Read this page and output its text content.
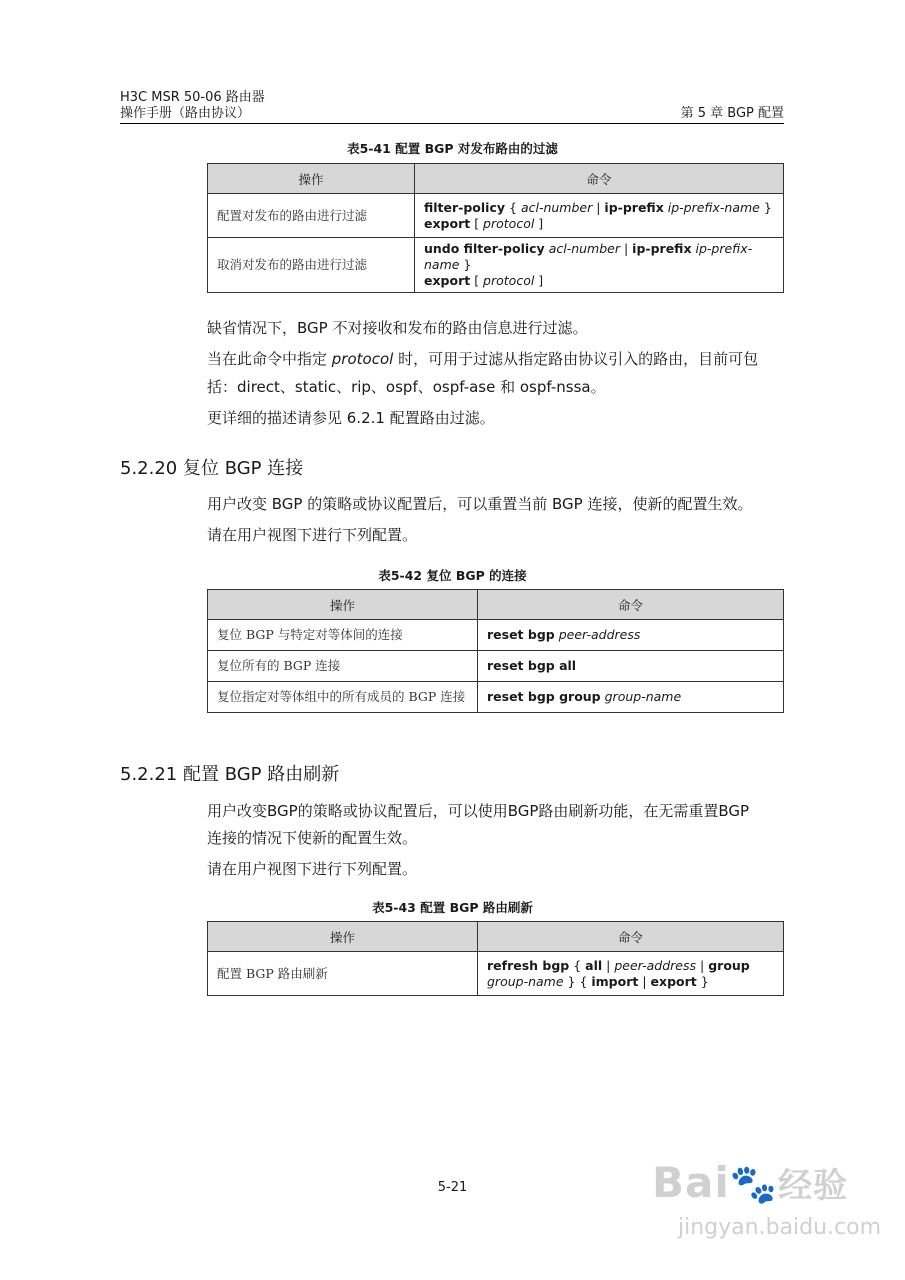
H3C MSR 50-06 路由器
操作手册（路由协议）	第 5 章 BGP 配置
表5-41 配置 BGP 对发布路由的过滤
操作	命令
配置对发布的路由进行过滤	filter-policy { acl-number | ip-prefix ip-prefix-name }
export [ protocol ]
取消对发布的路由进行过滤	undo filter-policy acl-number | ip-prefix ip-prefix-name }
export [ protocol ]
缺省情况下，BGP 不对接收和发布的路由信息进行过滤。
当在此命令中指定 protocol 时，可用于过滤从指定路由协议引入的路由，目前可包
括：direct、static、rip、ospf、ospf-ase 和 ospf-nssa。
更详细的描述请参见 6.2.1 配置路由过滤。
5.2.20 复位 BGP 连接
用户改变 BGP 的策略或协议配置后，可以重置当前 BGP 连接，使新的配置生效。
请在用户视图下进行下列配置。
表5-42 复位 BGP 的连接
操作	命令
复位 BGP 与特定对等体间的连接	reset bgp peer-address
复位所有的 BGP 连接	reset bgp all
复位指定对等体组中的所有成员的 BGP 连接	reset bgp group group-name
5.2.21 配置 BGP 路由刷新
用户改变BGP的策略或协议配置后，可以使用BGP路由刷新功能，在无需重置BGP
连接的情况下使新的配置生效。
请在用户视图下进行下列配置。
表5-43 配置 BGP 路由刷新
操作	命令
配置 BGP 路由刷新	refresh bgp { all | peer-address | group
group-name } { import | export }
5-21	Bai🐾经验
jingyan.baidu.com
